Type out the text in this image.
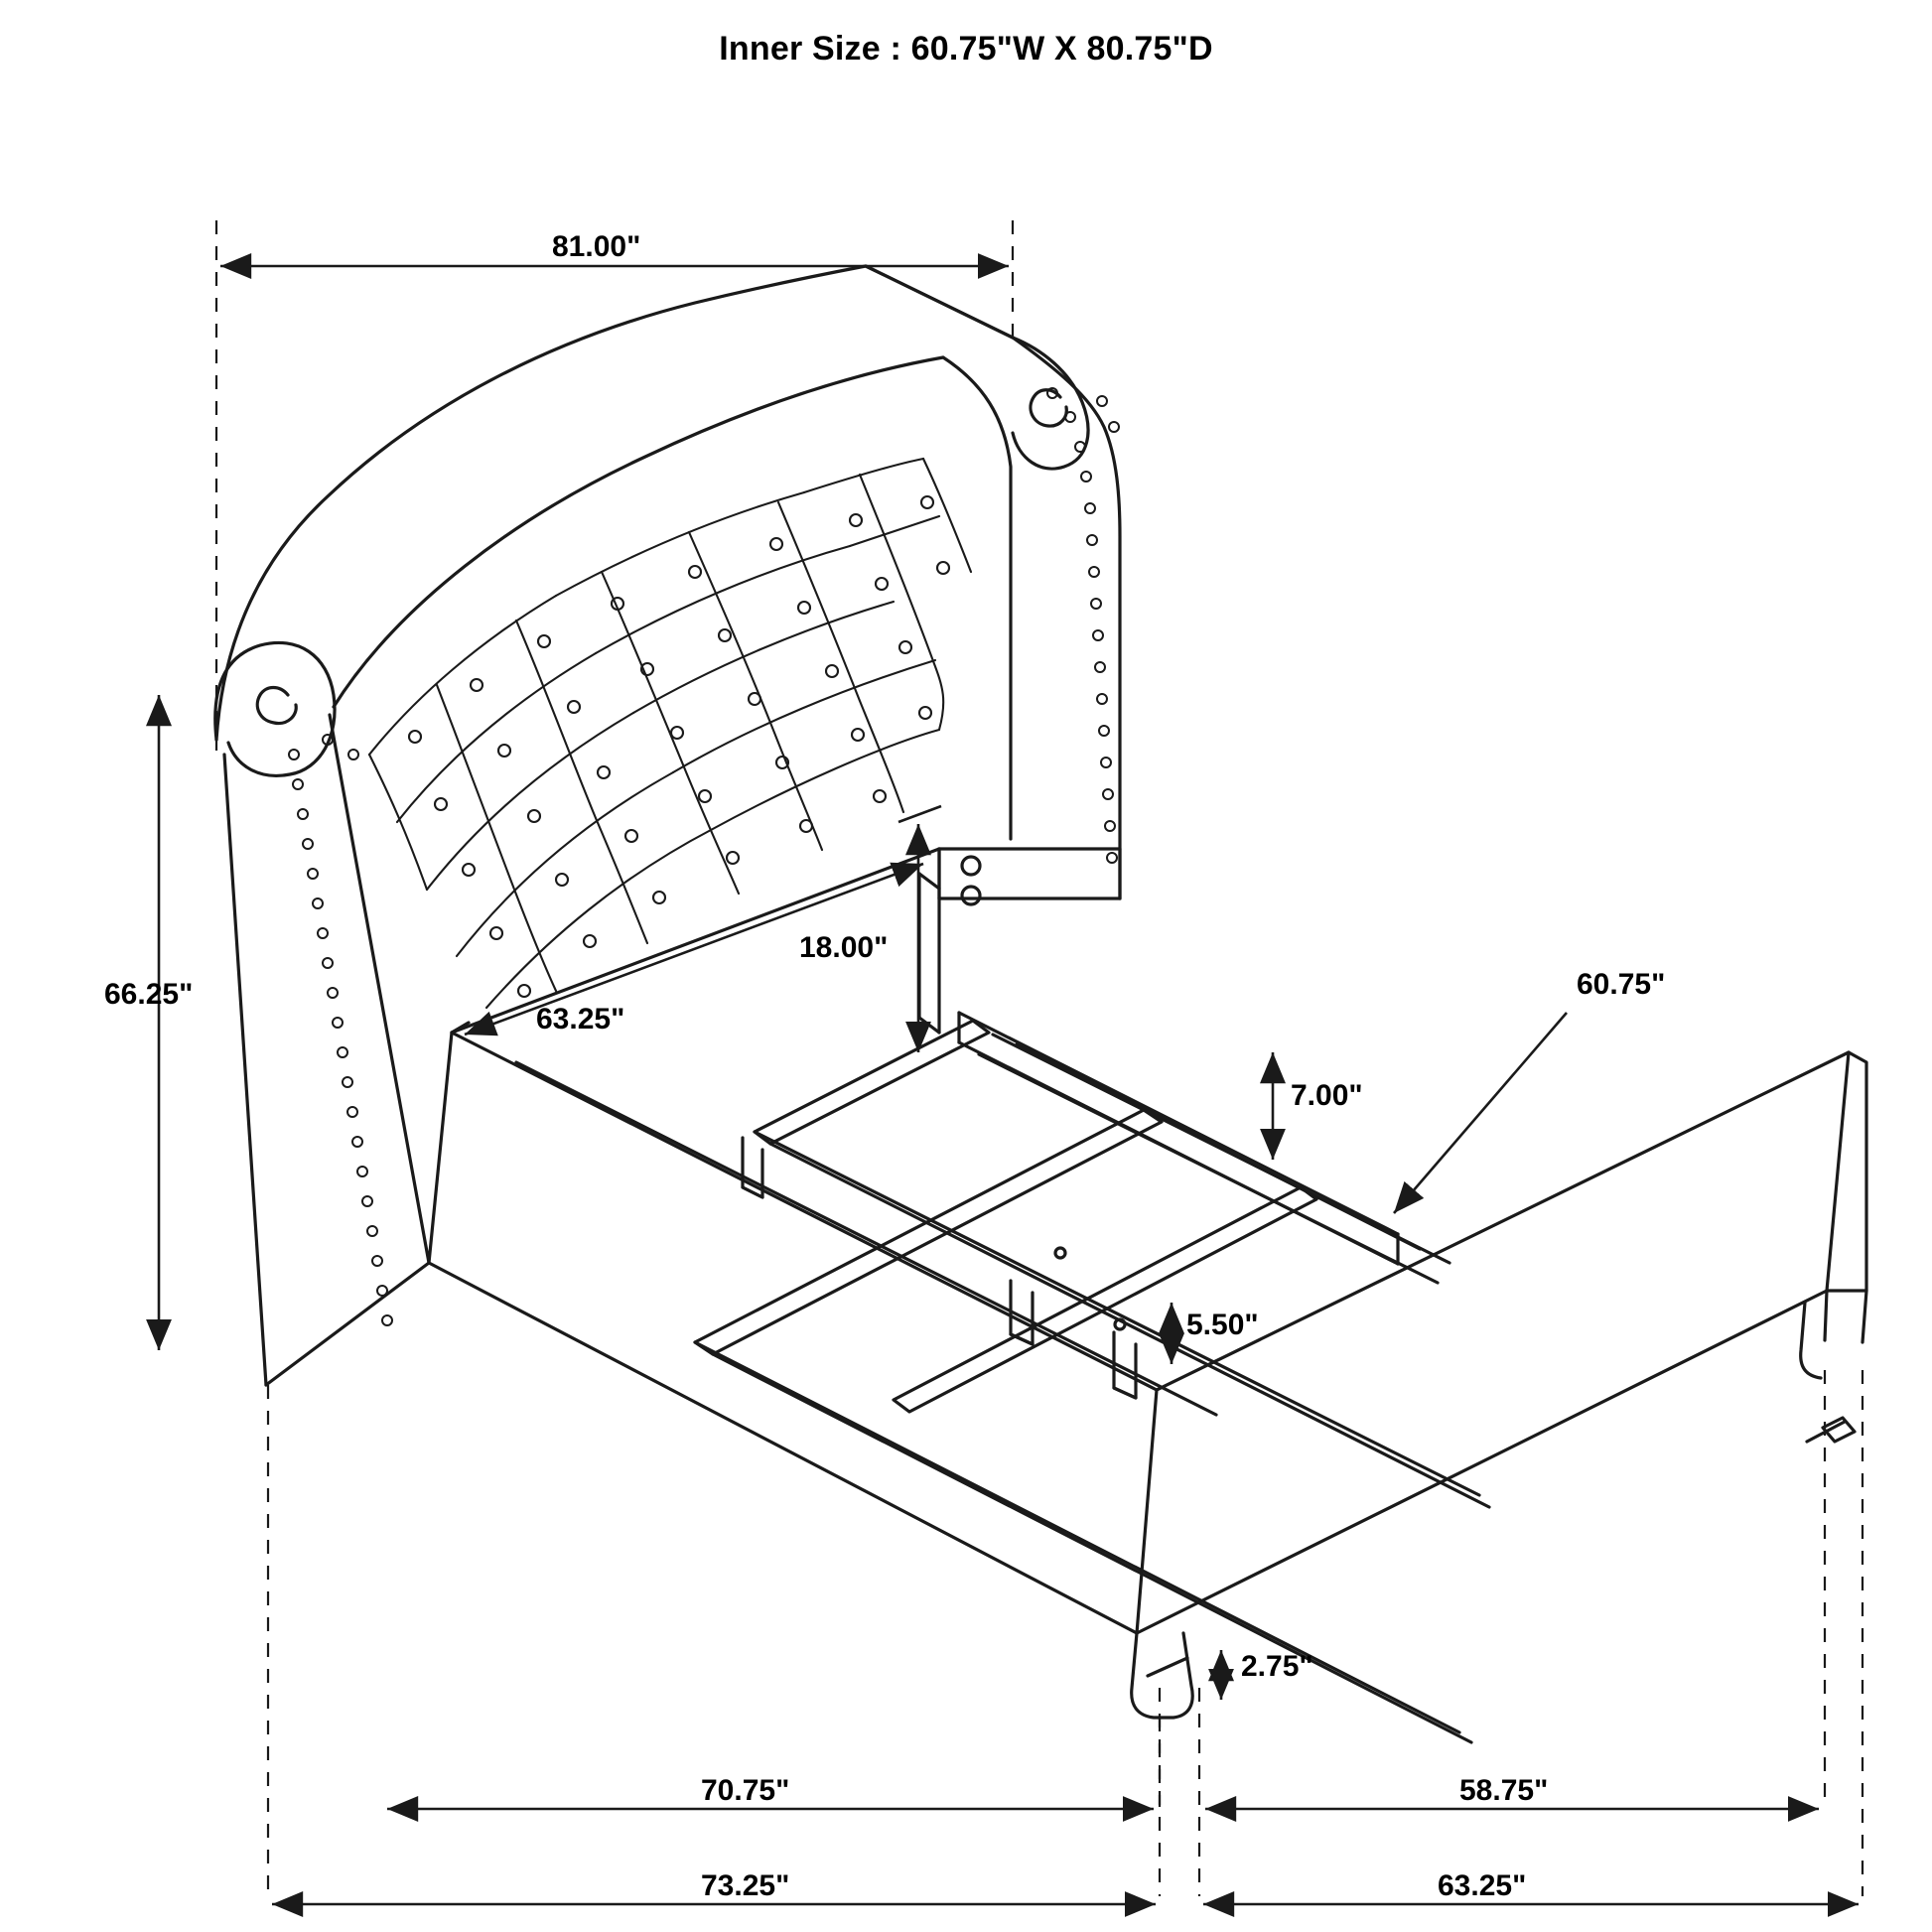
Inner Size : 60.75"W X 80.75"D
81.00"
66.25"
63.25"
18.00"
7.00"
5.50"
2.75"
60.75"
70.75"	58.75"
73.25"	63.25"
